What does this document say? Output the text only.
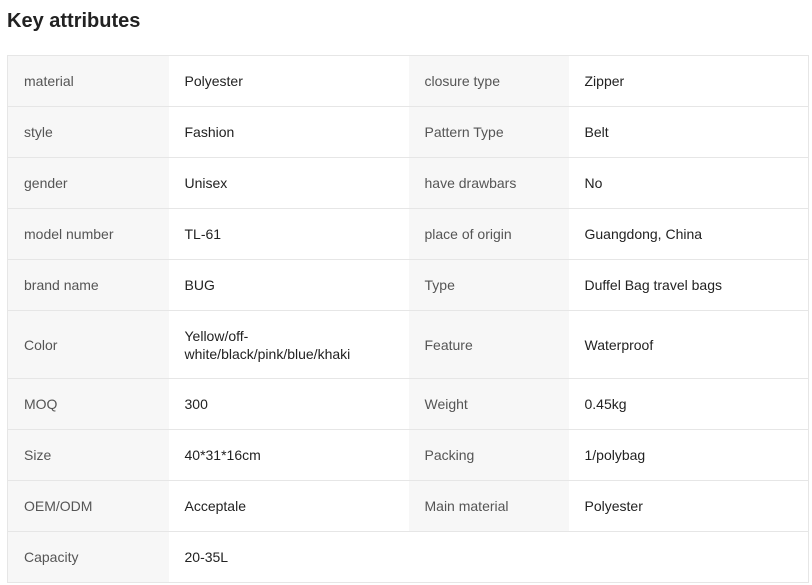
Key attributes
material	Polyester	closure type	Zipper
style	Fashion	Pattern Type	Belt
gender	Unisex	have drawbars	No
model number	TL-61	place of origin	Guangdong, China
brand name	BUG	Type	Duffel Bag travel bags
Color	Yellow/off-white/black/pink/blue/khaki	Feature	Waterproof
MOQ	300	Weight	0.45kg
Size	40*31*16cm	Packing	1/polybag
OEM/ODM	Acceptale	Main material	Polyester
Capacity	20-35L		
